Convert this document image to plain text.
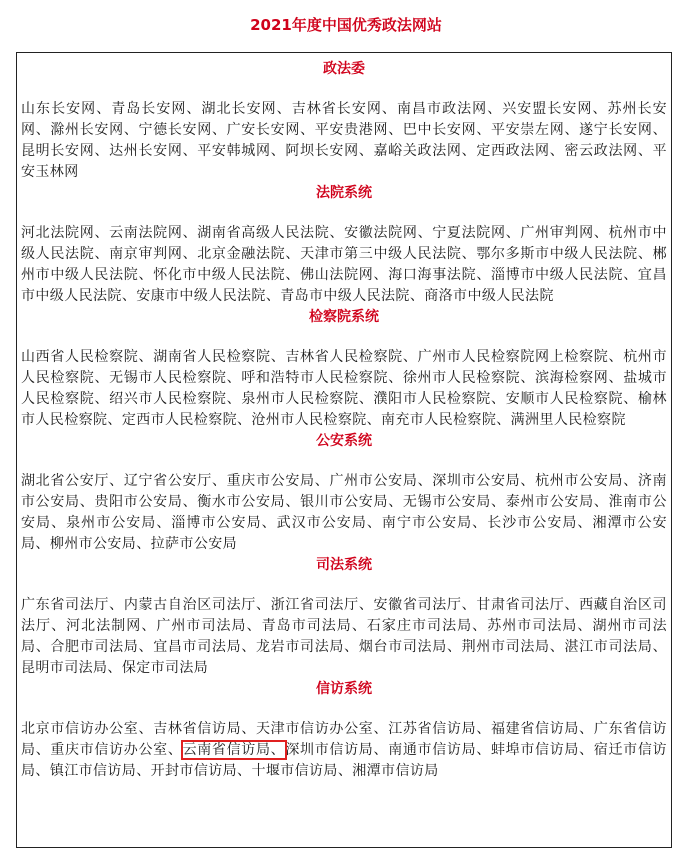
2021年度中国优秀政法网站
政法委

山东长安网、青岛长安网、湖北长安网、吉林省长安网、南昌市政法网、兴安盟长安网、苏州长安网、滁州长安网、宁德长安网、广安长安网、平安贵港网、巴中长安网、平安崇左网、遂宁长安网、昆明长安网、达州长安网、平安韩城网、阿坝长安网、嘉峪关政法网、定西政法网、密云政法网、平安玉林网

法院系统

河北法院网、云南法院网、湖南省高级人民法院、安徽法院网、宁夏法院网、广州审判网、杭州市中级人民法院、南京审判网、北京金融法院、天津市第三中级人民法院、鄂尔多斯市中级人民法院、郴州市中级人民法院、怀化市中级人民法院、佛山法院网、海口海事法院、淄博市中级人民法院、宜昌市中级人民法院、安康市中级人民法院、青岛市中级人民法院、商洛市中级人民法院

检察院系统

山西省人民检察院、湖南省人民检察院、吉林省人民检察院、广州市人民检察院网上检察院、杭州市人民检察院、无锡市人民检察院、呼和浩特市人民检察院、徐州市人民检察院、滨海检察网、盐城市人民检察院、绍兴市人民检察院、泉州市人民检察院、濮阳市人民检察院、安顺市人民检察院、榆林市人民检察院、定西市人民检察院、沧州市人民检察院、南充市人民检察院、满洲里人民检察院

公安系统

湖北省公安厅、辽宁省公安厅、重庆市公安局、广州市公安局、深圳市公安局、杭州市公安局、济南市公安局、贵阳市公安局、衡水市公安局、银川市公安局、无锡市公安局、泰州市公安局、淮南市公安局、泉州市公安局、淄博市公安局、武汉市公安局、南宁市公安局、长沙市公安局、湘潭市公安局、柳州市公安局、拉萨市公安局

司法系统

广东省司法厅、内蒙古自治区司法厅、浙江省司法厅、安徽省司法厅、甘肃省司法厅、西藏自治区司法厅、河北法制网、广州市司法局、青岛市司法局、石家庄市司法局、苏州市司法局、湖州市司法局、合肥市司法局、宜昌市司法局、龙岩市司法局、烟台市司法局、荆州市司法局、湛江市司法局、昆明市司法局、保定市司法局

信访系统

北京市信访办公室、吉林省信访局、天津市信访办公室、江苏省信访局、福建省信访局、广东省信访局、重庆市信访办公室、云南省信访局、深圳市信访局、南通市信访局、蚌埠市信访局、宿迁市信访局、镇江市信访局、开封市信访局、十堰市信访局、湘潭市信访局
